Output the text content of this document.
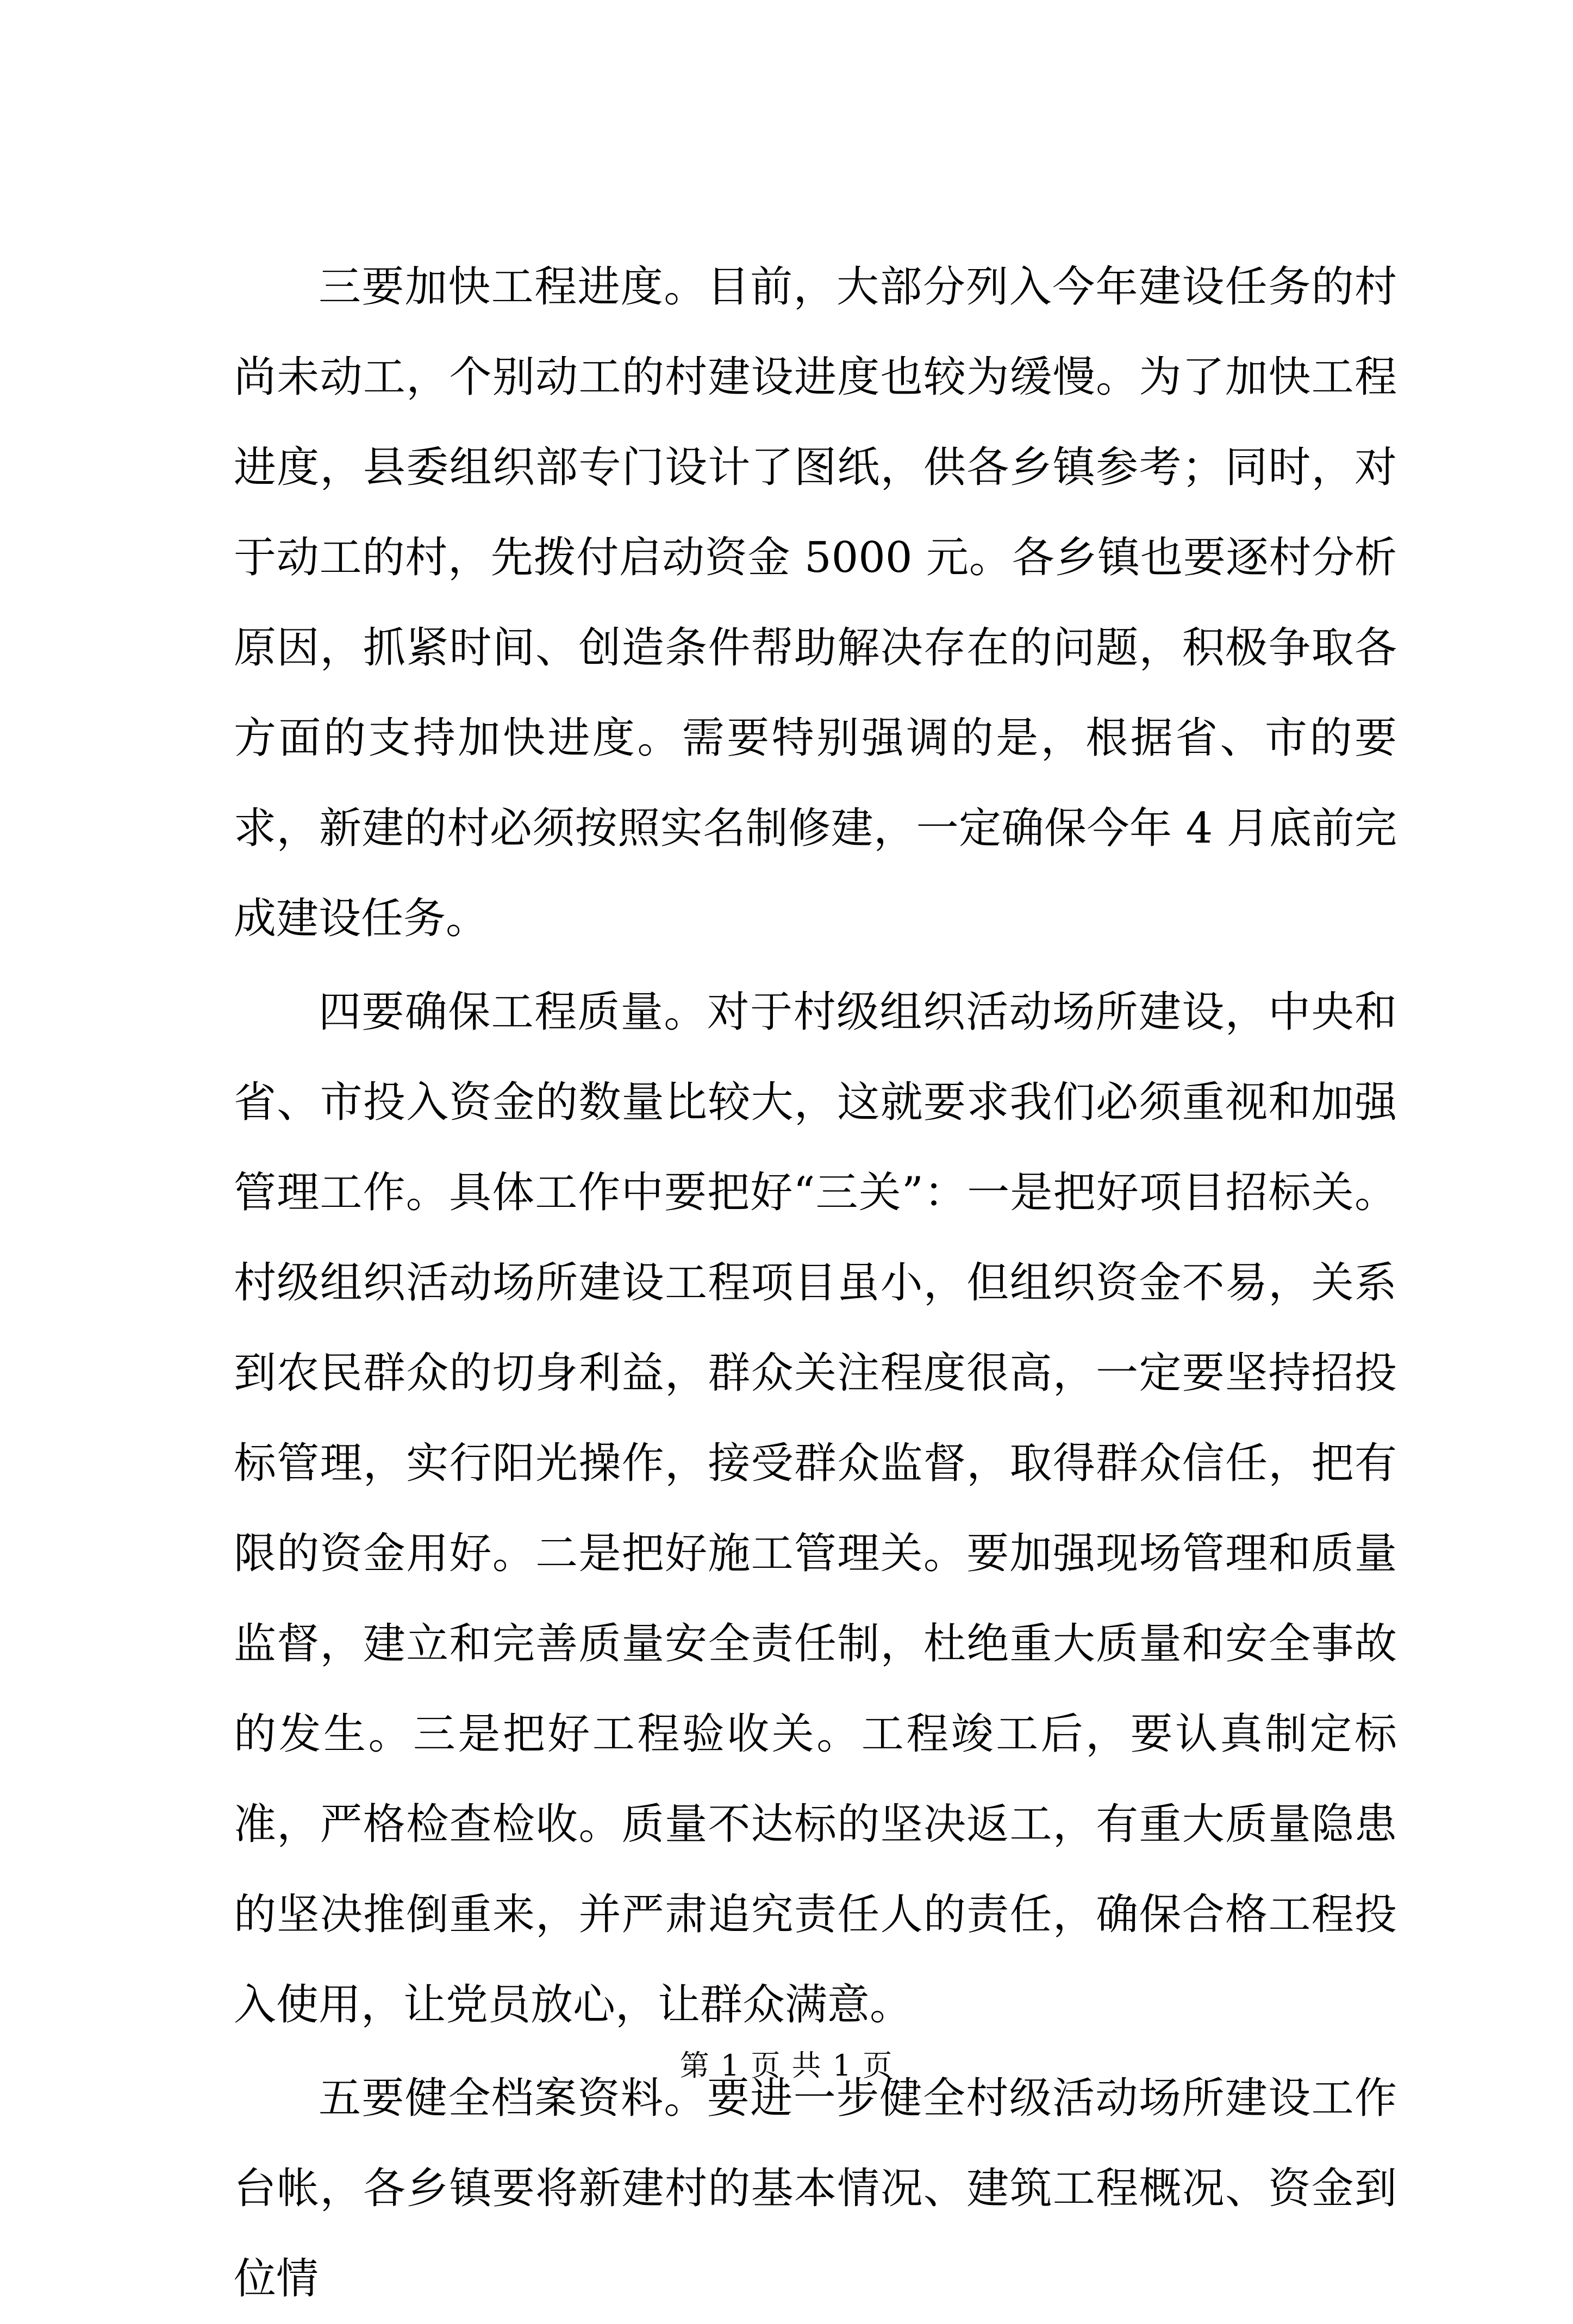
三要加快工程进度。目前，大部分列入今年建设任务的村尚未动工，个别动工的村建设进度也较为缓慢。为了加快工程进度，县委组织部专门设计了图纸，供各乡镇参考；同时，对于动工的村，先拨付启动资金 5000 元。各乡镇也要逐村分析原因，抓紧时间、创造条件帮助解决存在的问题，积极争取各方面的支持加快进度。需要特别强调的是，根据省、市的要求，新建的村必须按照实名制修建，一定确保今年 4 月底前完成建设任务。

四要确保工程质量。对于村级组织活动场所建设，中央和省、市投入资金的数量比较大，这就要求我们必须重视和加强管理工作。具体工作中要把好“三关”：一是把好项目招标关。村级组织活动场所建设工程项目虽小，但组织资金不易，关系到农民群众的切身利益，群众关注程度很高，一定要坚持招投标管理，实行阳光操作，接受群众监督，取得群众信任，把有限的资金用好。二是把好施工管理关。要加强现场管理和质量监督，建立和完善质量安全责任制，杜绝重大质量和安全事故的发生。三是把好工程验收关。工程竣工后，要认真制定标准，严格检查检收。质量不达标的坚决返工，有重大质量隐患的坚决推倒重来，并严肃追究责任人的责任，确保合格工程投入使用，让党员放心，让群众满意。

五要健全档案资料。要进一步健全村级活动场所建设工作台帐，各乡镇要将新建村的基本情况、建筑工程概况、资金到位情

第 1 页 共 1 页
